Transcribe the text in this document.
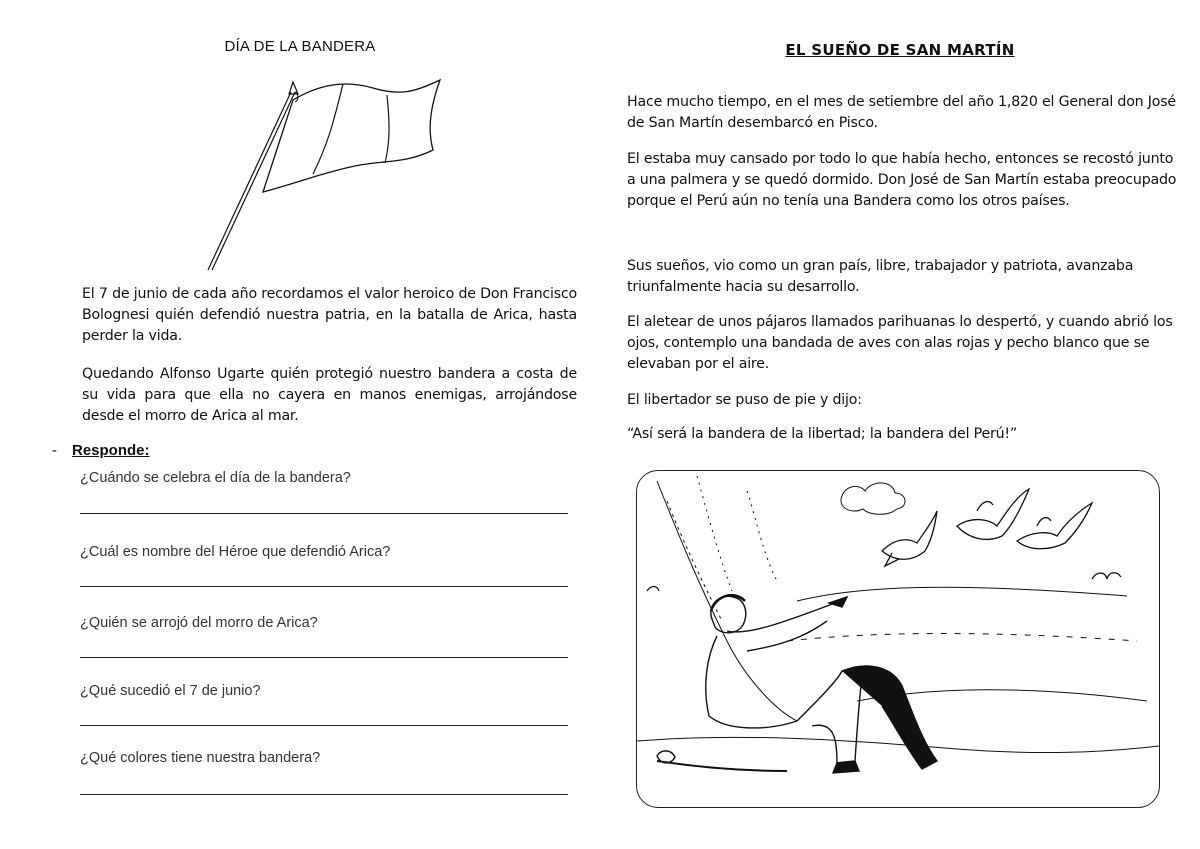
DÍA DE LA BANDERA
El 7 de junio de cada año recordamos el valor heroico de Don Francisco Bolognesi quién defendió nuestra patria, en la batalla de Arica, hasta perder la vida.
Quedando Alfonso Ugarte quién protegió nuestro bandera a costa de su vida para que ella no cayera en manos enemigas, arrojándose desde el morro de Arica al mar.
- Responde:
¿Cuándo se celebra el día de la bandera?
¿Cuál es nombre del Héroe que defendió Arica?
¿Quién se arrojó del morro de Arica?
¿Qué sucedió el 7 de junio?
¿Qué colores tiene nuestra bandera?
EL SUEÑO DE SAN MARTÍN
Hace mucho tiempo, en el mes de setiembre del año 1,820 el General don José de San Martín desembarcó en Pisco.
El estaba muy cansado por todo lo que había hecho, entonces se recostó junto a una palmera y se quedó dormido. Don José de San Martín estaba preocupado porque el Perú aún no tenía una Bandera como los otros países.
Sus sueños, vio como un gran país, libre, trabajador y patriota, avanzaba triunfalmente hacia su desarrollo.
El aletear de unos pájaros llamados parihuanas lo despertó, y cuando abrió los ojos, contemplo una bandada de aves con alas rojas y pecho blanco que se elevaban por el aire.
El libertador se puso de pie y dijo:
“Así será la bandera de la libertad; la bandera del Perú!”
